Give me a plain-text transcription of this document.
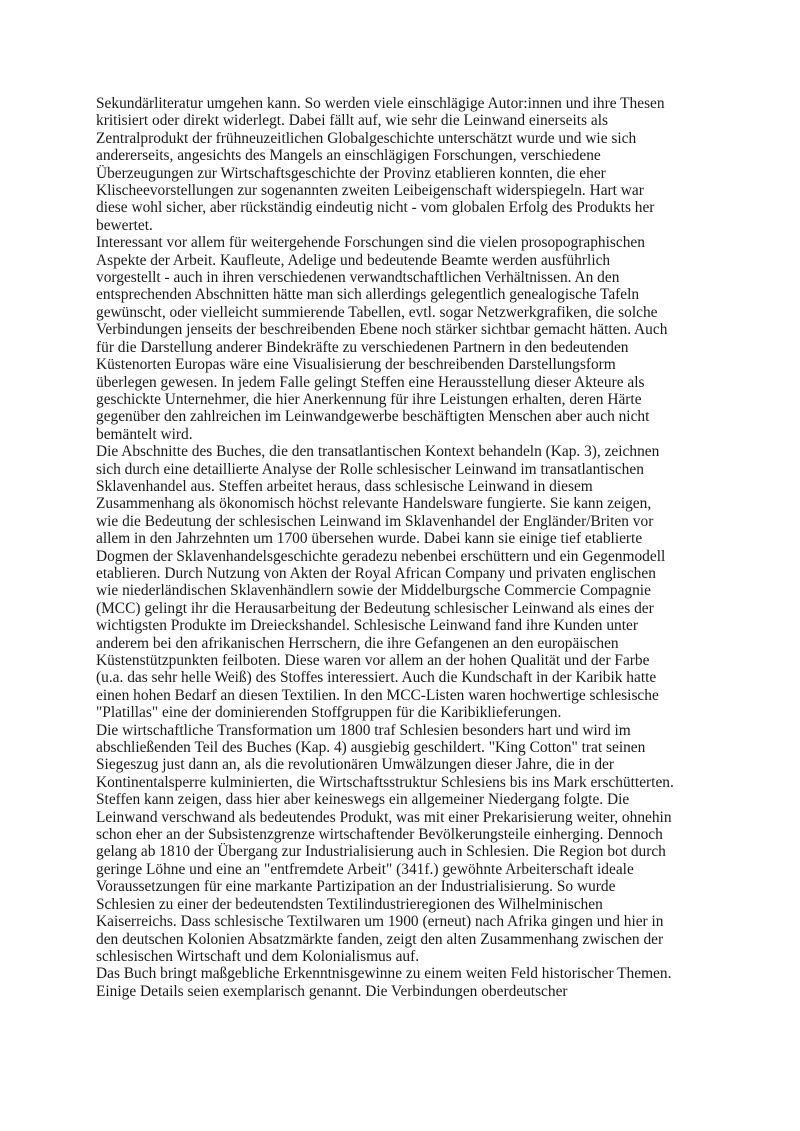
Sekundärliteratur umgehen kann. So werden viele einschlägige Autor:innen und ihre Thesen
kritisiert oder direkt widerlegt. Dabei fällt auf, wie sehr die Leinwand einerseits als
Zentralprodukt der frühneuzeitlichen Globalgeschichte unterschätzt wurde und wie sich
andererseits, angesichts des Mangels an einschlägigen Forschungen, verschiedene
Überzeugungen zur Wirtschaftsgeschichte der Provinz etablieren konnten, die eher
Klischeevorstellungen zur sogenannten zweiten Leibeigenschaft widerspiegeln. Hart war
diese wohl sicher, aber rückständig eindeutig nicht - vom globalen Erfolg des Produkts her
bewertet.
Interessant vor allem für weitergehende Forschungen sind die vielen prosopographischen
Aspekte der Arbeit. Kaufleute, Adelige und bedeutende Beamte werden ausführlich
vorgestellt - auch in ihren verschiedenen verwandtschaftlichen Verhältnissen. An den
entsprechenden Abschnitten hätte man sich allerdings gelegentlich genealogische Tafeln
gewünscht, oder vielleicht summierende Tabellen, evtl. sogar Netzwerkgrafiken, die solche
Verbindungen jenseits der beschreibenden Ebene noch stärker sichtbar gemacht hätten. Auch
für die Darstellung anderer Bindekräfte zu verschiedenen Partnern in den bedeutenden
Küstenorten Europas wäre eine Visualisierung der beschreibenden Darstellungsform
überlegen gewesen. In jedem Falle gelingt Steffen eine Herausstellung dieser Akteure als
geschickte Unternehmer, die hier Anerkennung für ihre Leistungen erhalten, deren Härte
gegenüber den zahlreichen im Leinwandgewerbe beschäftigten Menschen aber auch nicht
bemäntelt wird.
Die Abschnitte des Buches, die den transatlantischen Kontext behandeln (Kap. 3), zeichnen
sich durch eine detaillierte Analyse der Rolle schlesischer Leinwand im transatlantischen
Sklavenhandel aus. Steffen arbeitet heraus, dass schlesische Leinwand in diesem
Zusammenhang als ökonomisch höchst relevante Handelsware fungierte. Sie kann zeigen,
wie die Bedeutung der schlesischen Leinwand im Sklavenhandel der Engländer/Briten vor
allem in den Jahrzehnten um 1700 übersehen wurde. Dabei kann sie einige tief etablierte
Dogmen der Sklavenhandelsgeschichte geradezu nebenbei erschüttern und ein Gegenmodell
etablieren. Durch Nutzung von Akten der Royal African Company und privaten englischen
wie niederländischen Sklavenhändlern sowie der Middelburgsche Commercie Compagnie
(MCC) gelingt ihr die Herausarbeitung der Bedeutung schlesischer Leinwand als eines der
wichtigsten Produkte im Dreieckshandel. Schlesische Leinwand fand ihre Kunden unter
anderem bei den afrikanischen Herrschern, die ihre Gefangenen an den europäischen
Küstenstützpunkten feilboten. Diese waren vor allem an der hohen Qualität und der Farbe
(u.a. das sehr helle Weiß) des Stoffes interessiert. Auch die Kundschaft in der Karibik hatte
einen hohen Bedarf an diesen Textilien. In den MCC-Listen waren hochwertige schlesische
"Platillas" eine der dominierenden Stoffgruppen für die Karibiklieferungen.
Die wirtschaftliche Transformation um 1800 traf Schlesien besonders hart und wird im
abschließenden Teil des Buches (Kap. 4) ausgiebig geschildert. "King Cotton" trat seinen
Siegeszug just dann an, als die revolutionären Umwälzungen dieser Jahre, die in der
Kontinentalsperre kulminierten, die Wirtschaftsstruktur Schlesiens bis ins Mark erschütterten.
Steffen kann zeigen, dass hier aber keineswegs ein allgemeiner Niedergang folgte. Die
Leinwand verschwand als bedeutendes Produkt, was mit einer Prekarisierung weiter, ohnehin
schon eher an der Subsistenzgrenze wirtschaftender Bevölkerungsteile einherging. Dennoch
gelang ab 1810 der Übergang zur Industrialisierung auch in Schlesien. Die Region bot durch
geringe Löhne und eine an "entfremdete Arbeit" (341f.) gewöhnte Arbeiterschaft ideale
Voraussetzungen für eine markante Partizipation an der Industrialisierung. So wurde
Schlesien zu einer der bedeutendsten Textilindustrieregionen des Wilhelminischen
Kaiserreichs. Dass schlesische Textilwaren um 1900 (erneut) nach Afrika gingen und hier in
den deutschen Kolonien Absatzmärkte fanden, zeigt den alten Zusammenhang zwischen der
schlesischen Wirtschaft und dem Kolonialismus auf.
Das Buch bringt maßgebliche Erkenntnisgewinne zu einem weiten Feld historischer Themen.
Einige Details seien exemplarisch genannt. Die Verbindungen oberdeutscher
